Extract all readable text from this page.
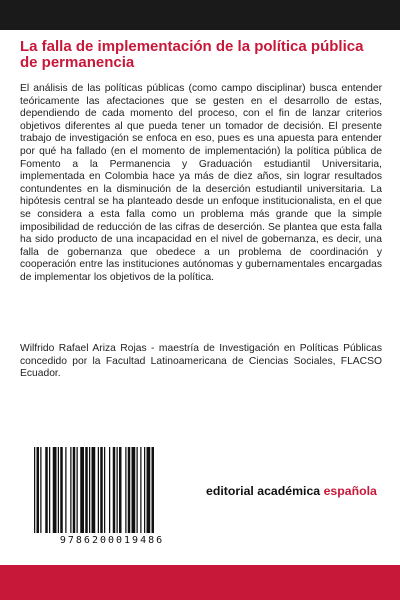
La falla de implementación de la política pública de permanencia

El análisis de las políticas públicas (como campo disciplinar) busca entender teóricamente las afectaciones que se gesten en el desarrollo de estas, dependiendo de cada momento del proceso, con el fin de lanzar criterios objetivos diferentes al que pueda tener un tomador de decisión. El presente trabajo de investigación se enfoca en eso, pues es una apuesta para entender por qué ha fallado (en el momento de implementación) la política pública de Fomento a la Permanencia y Graduación estudiantil Universitaria, implementada en Colombia hace ya más de diez años, sin lograr resultados contundentes en la disminución de la deserción estudiantil universitaria. La hipótesis central se ha planteado desde un enfoque institucionalista, en el que se considera a esta falla como un problema más grande que la simple imposibilidad de reducción de las cifras de deserción. Se plantea que esta falla ha sido producto de una incapacidad en el nivel de gobernanza, es decir, una falla de gobernanza que obedece a un problema de coordinación y cooperación entre las instituciones autónomas y gubernamentales encargadas de implementar los objetivos de la política.

Wilfrido Rafael Ariza Rojas - maestría de Investigación en Políticas Públicas concedido por la Facultad Latinoamericana de Ciencias Sociales, FLACSO Ecuador.

9786200019486
editorial académica española
